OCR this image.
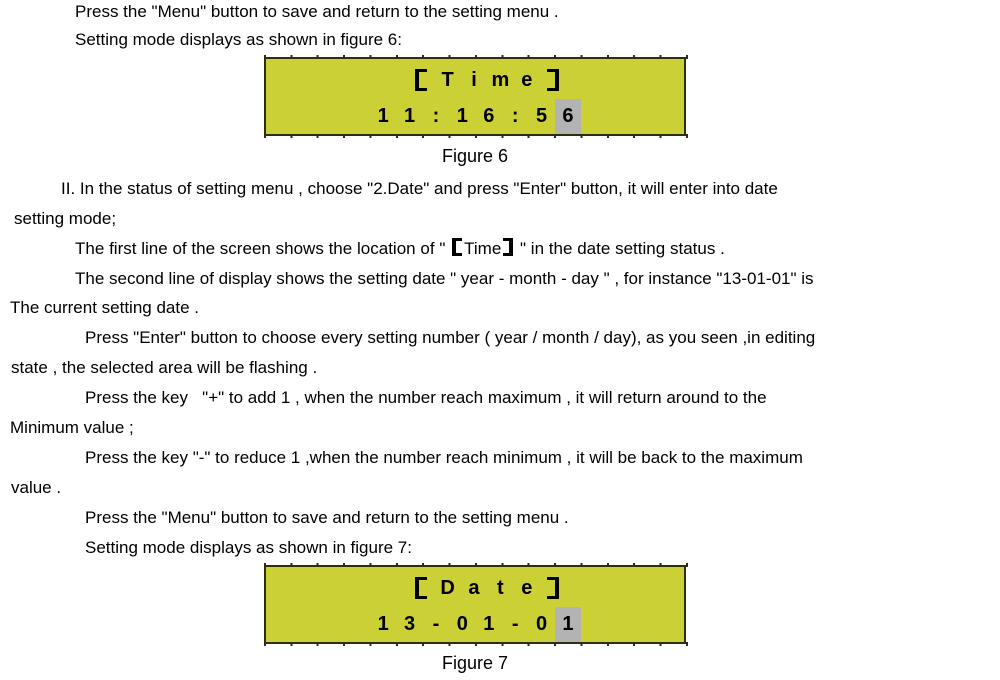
Press the "Menu" button to save and return to the setting menu .
Setting mode displays as shown in figure 6:
T i m e
1 1 : 1 6 : 5 6
Figure 6
II. In the status of setting menu , choose "2.Date" and press "Enter" button, it will enter into date
setting mode;
The first line of the screen shows the location of " Time " in the date setting status .
The second line of display shows the setting date " year - month - day " , for instance "13-01-01" is
The current setting date .
Press "Enter" button to choose every setting number ( year / month / day), as you seen ,in editing
state , the selected area will be flashing .
Press the key   "+" to add 1 , when the number reach maximum , it will return around to the
Minimum value ;
Press the key "-" to reduce 1 ,when the number reach minimum , it will be back to the maximum
value .
Press the "Menu" button to save and return to the setting menu .
Setting mode displays as shown in figure 7:
D a t e
1 3 - 0 1 - 0 1
Figure 7
